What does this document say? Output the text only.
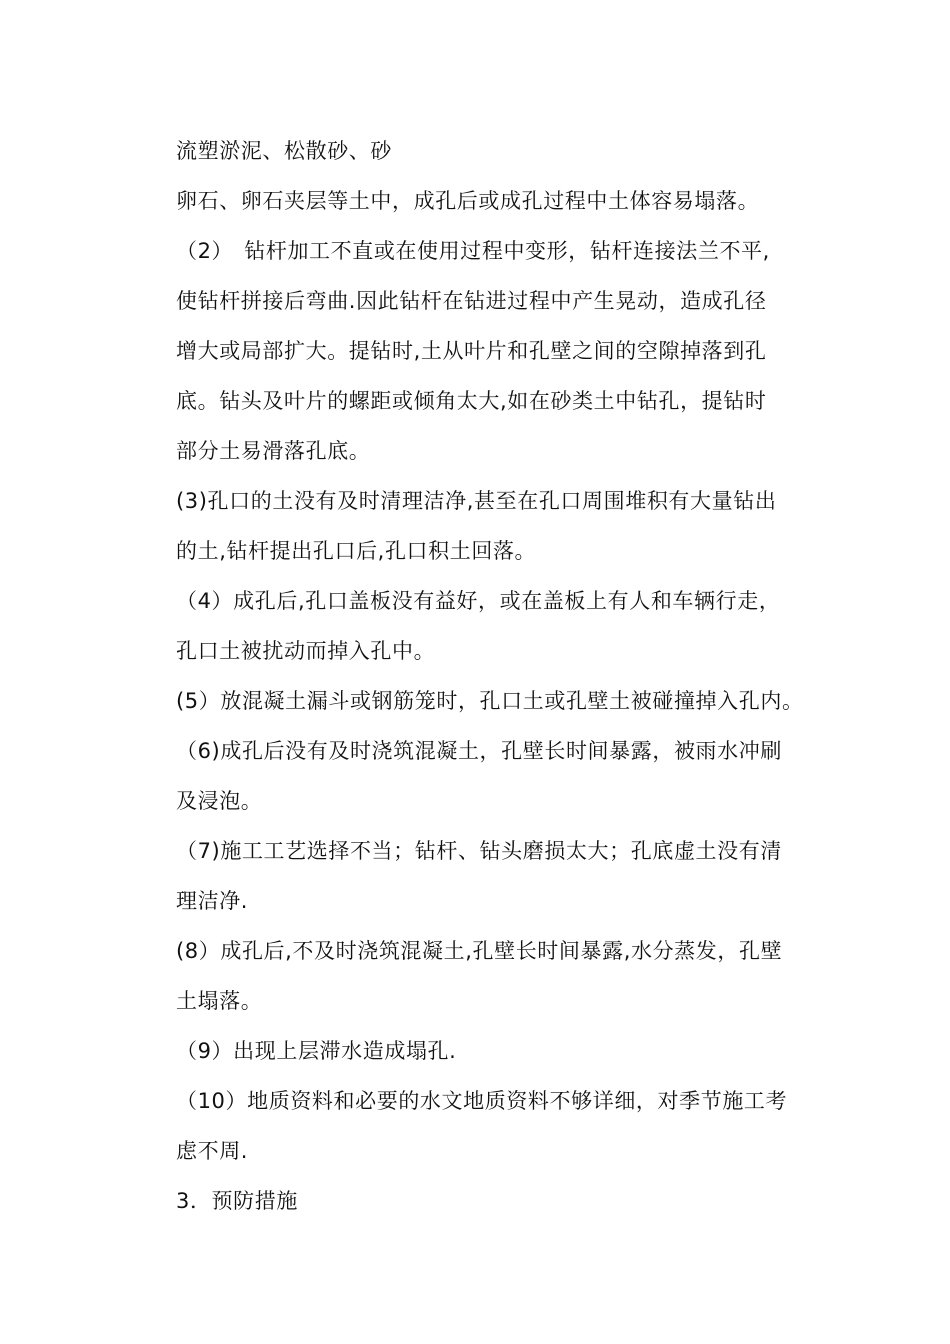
流塑淤泥、松散砂、砂

卵石、卵石夹层等土中，成孔后或成孔过程中土体容易塌落。

（2）　钻杆加工不直或在使用过程中变形，钻杆连接法兰不平,

使钻杆拼接后弯曲.因此钻杆在钻进过程中产生晃动，造成孔径

增大或局部扩大。提钻时,土从叶片和孔壁之间的空隙掉落到孔

底。钻头及叶片的螺距或倾角太大,如在砂类土中钻孔，提钻时

部分土易滑落孔底。

(3)孔口的土没有及时清理洁净,甚至在孔口周围堆积有大量钻出

的土,钻杆提出孔口后,孔口积土回落。

（4）成孔后,孔口盖板没有益好，或在盖板上有人和车辆行走，

孔口土被扰动而掉入孔中。

(5）放混凝土漏斗或钢筋笼时，孔口土或孔壁土被碰撞掉入孔内。

（6)成孔后没有及时浇筑混凝土，孔壁长时间暴露，被雨水冲刷

及浸泡。

（7)施工工艺选择不当；钻杆、钻头磨损太大；孔底虚土没有清

理洁净.

(8）成孔后,不及时浇筑混凝土,孔壁长时间暴露,水分蒸发，孔壁

土塌落。

（9）出现上层滞水造成塌孔.

（10）地质资料和必要的水文地质资料不够详细，对季节施工考

虑不周.

3．预防措施
